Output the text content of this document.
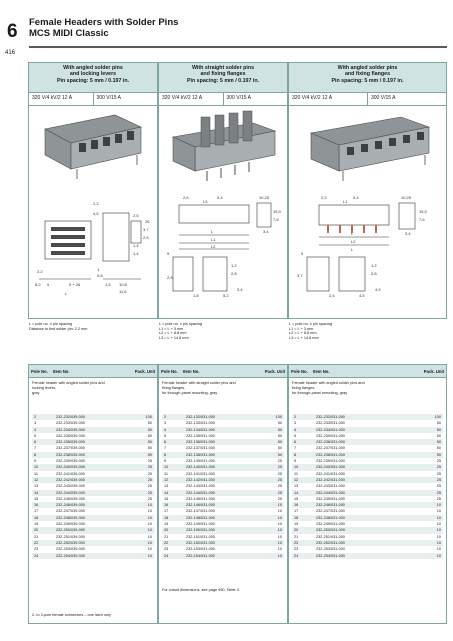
6
416
Female Headers with Solder Pins
MCS MIDI Classic
With angled solder pins
and locking levers
Pin spacing: 5 mm / 0.197 in.
320 V/4 kV/2 12 A	300 V/15 A
2,2
4,5	2,5
1,4
3,7
2,5
26
1,4
8,2 5	5 + 26
L
1,5 10,8
11,6
2,2	1
0,6
With straight solder pins
and fixing flanges
Pin spacing: 5 mm / 0.197 in.
320 V/4 kV/2 12 A	300 V/15 A
2,6	5,4
L3
10,25
L
15,9
7,6
3,4
L1
L2
5
1,2
2,8
2,5
1,8	5,2
3,4
With angled solder pins
and fixing flanges
Pin spacing: 5 mm / 0.197 in.
320 V/4 kV/2 12 A	300 V/15 A
2,2	5,4	10,25
L1
L
15,9
7,6
3,4
L2
L
5
3,7
2,4
1,2
2,8
4,5
4,9
L = pole no. x pin spacing
Distance to first solder pin: 2.2 mm
L = pole no. x pin spacing
L1 = L + 3 mm
L2 = L + 8.8 mm
L3 = L + 14.8 mm
L = pole no. x pin spacing
L1 = L + 3 mm
L2 = L + 8.8 mm
L3 = L + 14.8 mm
Pole No.	Item No.	Pack. Unit
Female header with angled solder pins and
locking levers,
gray
2	232-232/039-000	100
3	232-233/039-000	50
4	232-234/039-000	50
5	232-235/039-000	50
6	232-236/039-000	50
7	232-237/039-000	50
8	232-238/039-000	50
9	232-239/039-000	25
10	232-240/039-000	25
11	232-241/039-000	25
12	232-242/039-000	25
13	232-243/039-000	25
14	232-244/039-000	25
15	232-245/039-000	25
16	232-246/039-000	10
17	232-247/039-000	10
18	232-248/039-000	10
19	232-249/039-000	10
20	232-250/039-000	10
21	232-251/039-000	10
22	232-252/039-000	10
23	232-253/039-000	10
24	232-254/039-000	10
2- to 3-pole female connectors – one latch only
Pole No.	Item No.	Pack. Unit
Female header with straight solder pins and
fixing flanges,
for through-panel mounting, gray
2	232-132/031-000	100
3	232-133/031-000	50
4	232-134/031-000	50
5	232-135/031-000	50
6	232-136/031-000	50
7	232-137/031-000	50
8	232-138/031-000	50
9	232-139/031-000	25
10	232-140/031-000	25
11	232-141/031-000	25
12	232-142/031-000	25
13	232-143/031-000	25
14	232-144/031-000	25
15	232-145/031-000	25
16	232-146/031-000	10
17	232-147/031-000	10
18	232-148/031-000	10
19	232-149/031-000	10
20	232-150/031-000	10
21	232-151/031-000	10
22	232-152/031-000	10
23	232-153/031-000	10
24	232-154/031-000	10
For cutout dimensions, see page 490, Table 3.
Pole No.	Item No.	Pack. Unit
Female header with angled solder pins and
fixing flanges,
for through-panel mounting, gray
2	232-232/031-000	100
3	232-233/031-000	50
4	232-234/031-000	50
5	232-235/031-000	50
6	232-236/031-000	50
7	232-237/031-000	50
8	232-238/031-000	50
9	232-239/031-000	25
10	232-240/031-000	25
11	232-241/031-000	25
12	232-242/031-000	25
13	232-243/031-000	25
14	232-244/031-000	25
15	232-245/031-000	25
16	232-246/031-000	10
17	232-247/031-000	10
18	232-248/031-000	10
19	232-249/031-000	10
20	232-250/031-000	10
21	232-251/031-000	10
22	232-252/031-000	10
23	232-253/031-000	10
24	232-254/031-000	10
